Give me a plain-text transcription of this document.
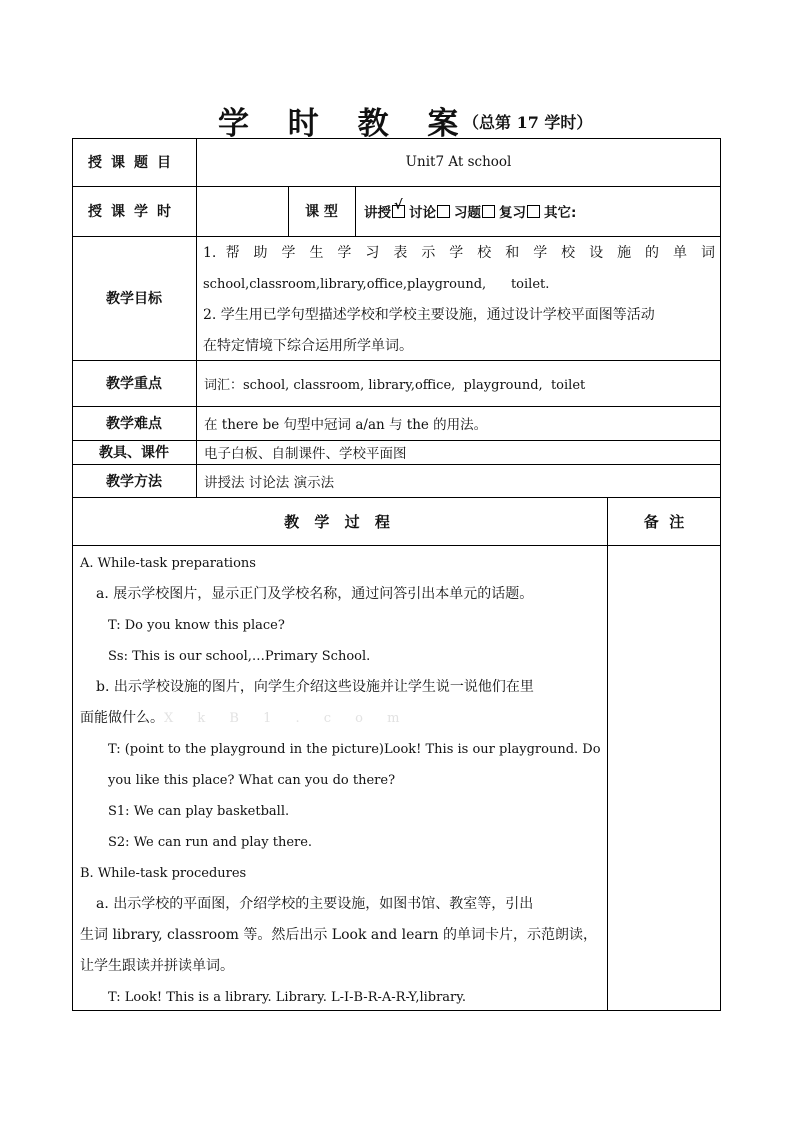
学 时 教 案
（总第 17 学时）
授课题目	Unit7 At school
授课学时	课 型	讲授√	讨论	习题	复习	其它:
教学目标
1. 帮 助 学 生 学 习 表 示 学 校 和 学 校 设 施 的 单 词
school,classroom,library,office,playground,      toilet.
2. 学生用已学句型描述学校和学校主要设施，通过设计学校平面图等活动
在特定情境下综合运用所学单词。
教学重点	词汇：school, classroom, library,office,  playground,  toilet
教学难点	在 there be 句型中冠词 a/an 与 the 的用法。
教具、课件	电子白板、自制课件、学校平面图
教学方法	讲授法 讨论法 演示法
教 学 过 程	备  注

A. While-task preparations

a. 展示学校图片，显示正门及学校名称，通过问答引出本单元的话题。

T: Do you know this place?

Ss: This is our school,…Primary School.

b. 出示学校设施的图片，向学生介绍这些设施并让学生说一说他们在里

面能做什么。X k B 1 . c o m

T: (point to the playground in the picture)Look! This is our playground. Do

you like this place? What can you do there?

S1: We can play basketball.

S2: We can run and play there.

B. While-task procedures

a. 出示学校的平面图，介绍学校的主要设施，如图书馆、教室等，引出

生词 library, classroom 等。然后出示 Look and learn 的单词卡片，示范朗读，

让学生跟读并拼读单词。

T: Look! This is a library. Library. L-I-B-R-A-R-Y,library.
